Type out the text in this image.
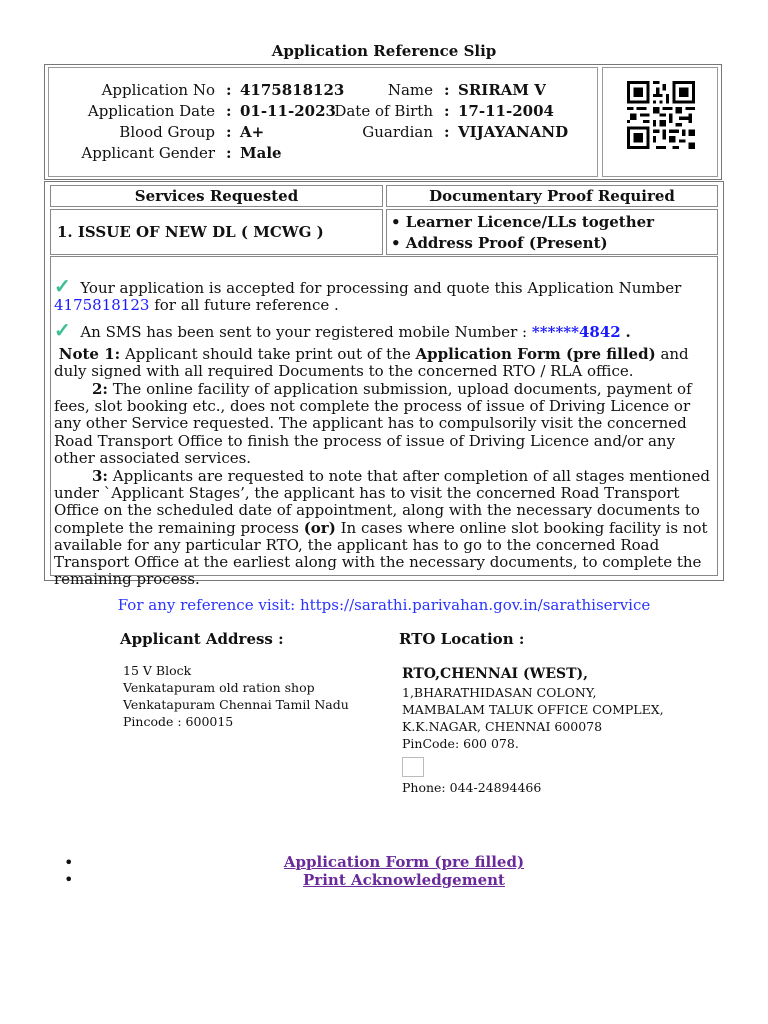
Application Reference Slip
Application No : 4175818123
Application Date : 01-11-2023
Blood Group : A+
Applicant Gender : Male
Name : SRIRAM V
Date of Birth : 17-11-2004
Guardian : VIJAYANAND
Services Requested	Documentary Proof Required
1. ISSUE OF NEW DL ( MCWG )
• Learner Licence/LLs together
• Address Proof (Present)
✓ Your application is accepted for processing and quote this Application Number
4175818123 for all future reference .
✓ An SMS has been sent to your registered mobile Number : ******4842 .
Note 1: Applicant should take print out of the Application Form (pre filled) and duly signed with all required Documents to the concerned RTO / RLA office.
2: The online facility of application submission, upload documents, payment of fees, slot booking etc., does not complete the process of issue of Driving Licence or any other Service requested. The applicant has to compulsorily visit the concerned Road Transport Office to finish the process of issue of Driving Licence and/or any other associated services.
3: Applicants are requested to note that after completion of all stages mentioned under `Applicant Stages’, the applicant has to visit the concerned Road Transport Office on the scheduled date of appointment, along with the necessary documents to complete the remaining process (or) In cases where online slot booking facility is not available for any particular RTO, the applicant has to go to the concerned Road Transport Office at the earliest along with the necessary documents, to complete the remaining process.
For any reference visit: https://sarathi.parivahan.gov.in/sarathiservice
Applicant Address :
15 V Block
Venkatapuram old ration shop
Venkatapuram Chennai Tamil Nadu
Pincode : 600015
RTO Location :
RTO,CHENNAI (WEST),
1,BHARATHIDASAN COLONY,
MAMBALAM TALUK OFFICE COMPLEX,
K.K.NAGAR, CHENNAI 600078
PinCode: 600 078.
Phone: 044-24894466
•
•
Application Form (pre filled)
Print Acknowledgement
